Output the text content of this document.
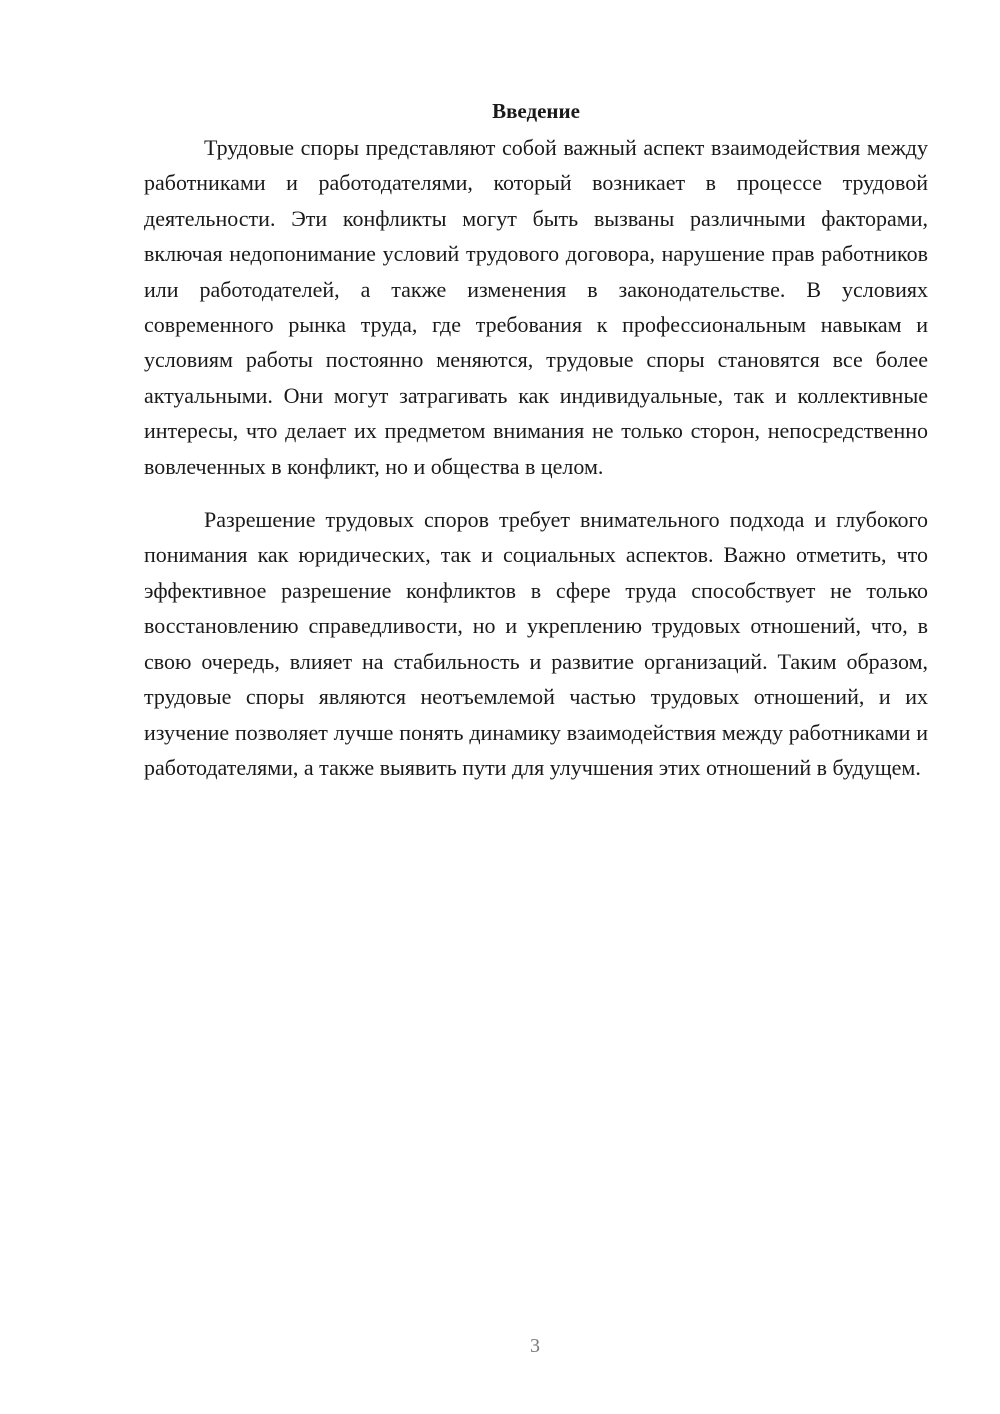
Введение

Трудовые споры представляют собой важный аспект взаимодействия между работниками и работодателями, который возникает в процессе трудовой деятельности. Эти конфликты могут быть вызваны различными факторами, включая недопонимание условий трудового договора, нарушение прав работников или работодателей, а также изменения в законодательстве. В условиях современного рынка труда, где требования к профессиональным навыкам и условиям работы постоянно меняются, трудовые споры становятся все более актуальными. Они могут затрагивать как индивидуальные, так и коллективные интересы, что делает их предметом внимания не только сторон, непосредственно вовлеченных в конфликт, но и общества в целом.

Разрешение трудовых споров требует внимательного подхода и глубокого понимания как юридических, так и социальных аспектов. Важно отметить, что эффективное разрешение конфликтов в сфере труда способствует не только восстановлению справедливости, но и укреплению трудовых отношений, что, в свою очередь, влияет на стабильность и развитие организаций. Таким образом, трудовые споры являются неотъемлемой частью трудовых отношений, и их изучение позволяет лучше понять динамику взаимодействия между работниками и работодателями, а также выявить пути для улучшения этих отношений в будущем.

3
